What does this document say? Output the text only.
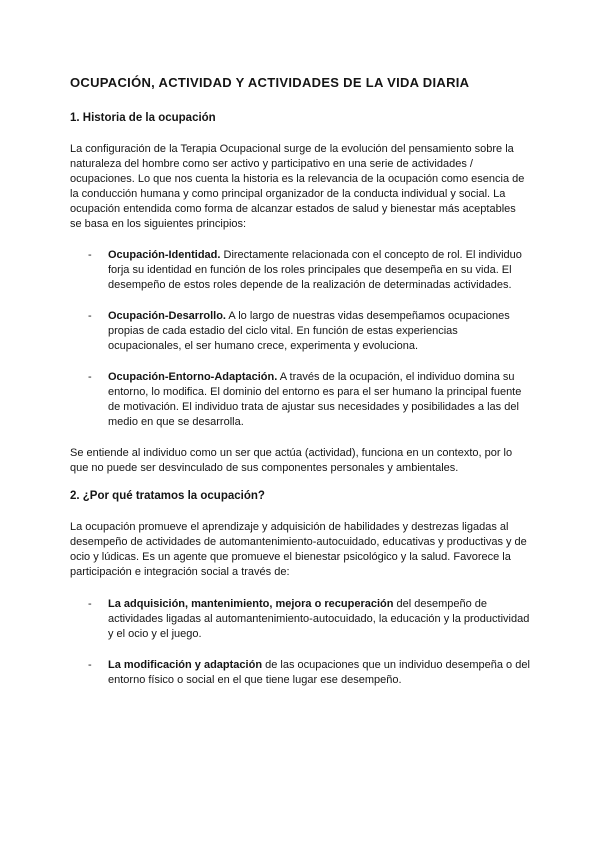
OCUPACIÓN, ACTIVIDAD Y ACTIVIDADES DE LA VIDA DIARIA
1. Historia de la ocupación

La configuración de la Terapia Ocupacional surge de la evolución del pensamiento sobre la naturaleza del hombre como ser activo y participativo en una serie de actividades / ocupaciones. Lo que nos cuenta la historia es la relevancia de la ocupación como esencia de la conducción humana y como principal organizador de la conducta individual y social. La ocupación entendida como forma de alcanzar estados de salud y bienestar más aceptables se basa en los siguientes principios:

-	Ocupación-Identidad. Directamente relacionada con el concepto de rol. El individuo forja su identidad en función de los roles principales que desempeña en su vida. El desempeño de estos roles depende de la realización de determinadas actividades.
-	Ocupación-Desarrollo. A lo largo de nuestras vidas desempeñamos ocupaciones propias de cada estadio del ciclo vital. En función de estas experiencias ocupacionales, el ser humano crece, experimenta y evoluciona.
-	Ocupación-Entorno-Adaptación. A través de la ocupación, el individuo domina su entorno, lo modifica. El dominio del entorno es para el ser humano la principal fuente de motivación. El individuo trata de ajustar sus necesidades y posibilidades a las del medio en que se desarrolla.

Se entiende al individuo como un ser que actúa (actividad), funciona en un contexto, por lo que no puede ser desvinculado de sus componentes personales y ambientales.

2. ¿Por qué tratamos la ocupación?

La ocupación promueve el aprendizaje y adquisición de habilidades y destrezas ligadas al desempeño de actividades de automantenimiento-autocuidado, educativas y productivas y de ocio y lúdicas. Es un agente que promueve el bienestar psicológico y la salud. Favorece la participación e integración social a través de:

-	La adquisición, mantenimiento, mejora o recuperación del desempeño de actividades ligadas al automantenimiento-autocuidado, la educación y la productividad y el ocio y el juego.
-	La modificación y adaptación de las ocupaciones que un individuo desempeña o del entorno físico o social en el que tiene lugar ese desempeño.
